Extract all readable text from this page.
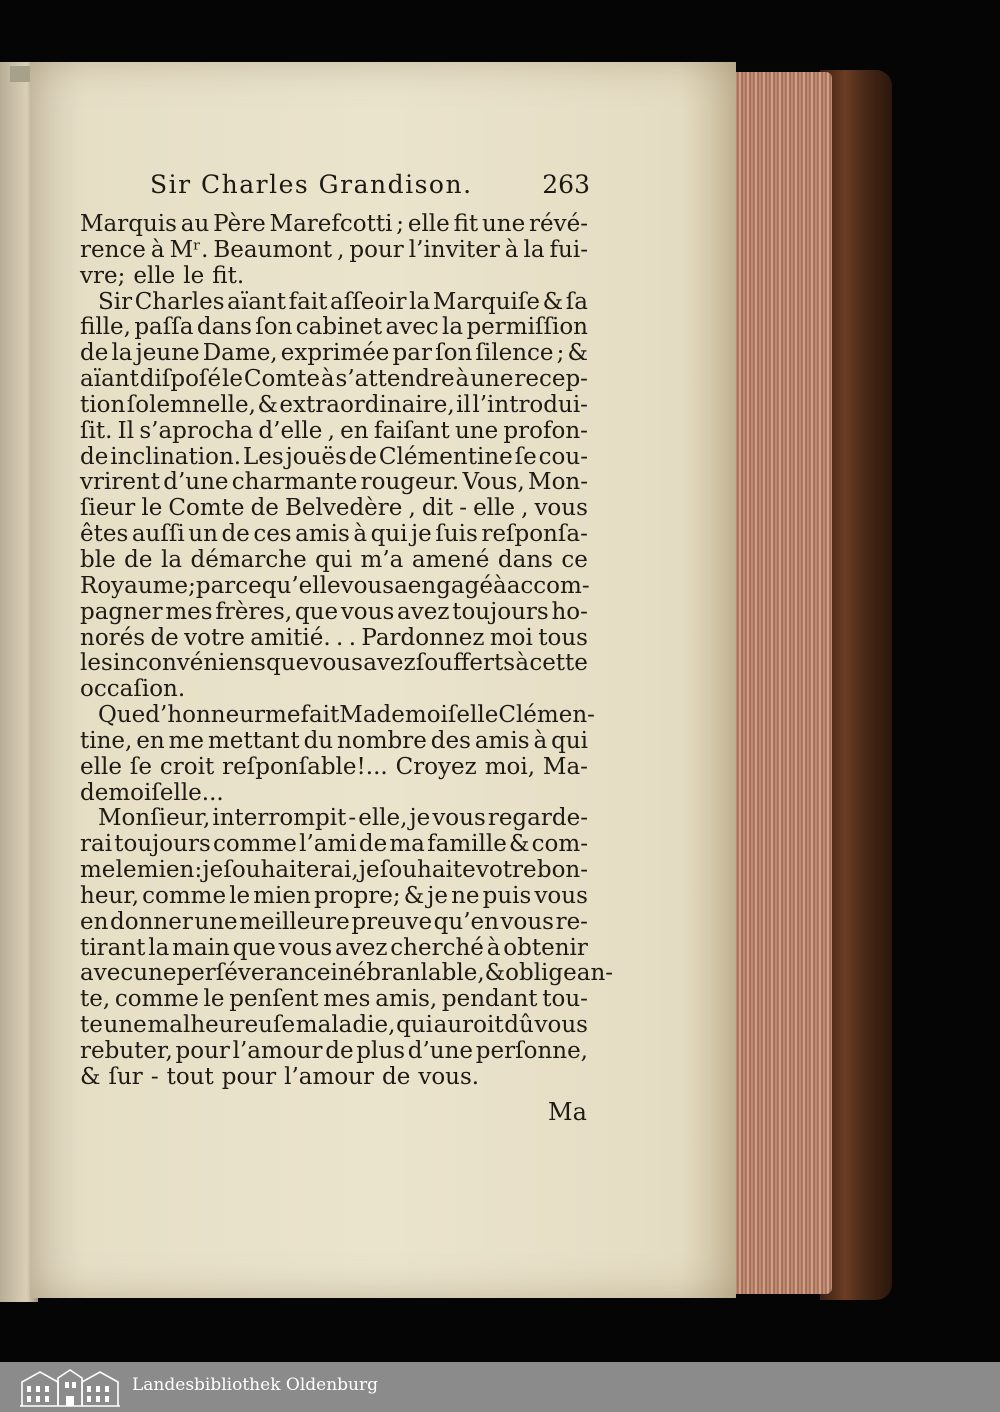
Sir Charles Grandison.	263
Marquis au Père Marefcotti ; elle fit une révé-
rence à Mʳ. Beaumont , pour l’inviter à la fui-
vre; elle le fit.
Sir Charles aïant fait aſſeoir la Marquiſe & ſa
fille, paſſa dans ſon cabinet avec la permiſſion
de la jeune Dame, exprimée par ſon ſilence ; &
aïant diſpoſé le Comte à s’attendre à une recep-
tion ſolemnelle, & extraordinaire, il l’introdui-
ſit. Il s’aprocha d’elle , en faiſant une profon-
de inclination. Les jouës de Clémentine ſe cou-
vrirent d’une charmante rougeur. Vous, Mon-
ſieur le Comte de Belvedère , dit - elle , vous
êtes auſſi un de ces amis à qui je ſuis reſponſa-
ble de la démarche qui m’a amené dans ce
Royaume; parce qu’elle vous a engagé à accom-
pagner mes frères, que vous avez toujours ho-
norés de votre amitié. . . Pardonnez moi tous
les inconvéniens que vous avez ſoufferts à cette
occaſion.
Que d’honneur me fait Mademoiſelle Clémen-
tine, en me mettant du nombre des amis à qui
elle ſe croit reſponſable!... Croyez moi, Ma-
demoiſelle...
Monſieur, interrompit - elle, je vous regarde-
rai toujours comme l’ami de ma famille & com-
me le mien : je ſouhaiterai, je ſouhaite votre bon-
heur, comme le mien propre; & je ne puis vous
en donner une meilleure preuve qu’en vous re-
tirant la main que vous avez cherché à obtenir
avec une perſéverance inébranlable , & obligean-
te, comme le penſent mes amis, pendant tou-
te une malheureuſe maladie, qui auroit dû vous
rebuter, pour l’amour de plus d’une perſonne,
& ſur - tout pour l’amour de vous.
Ma
Landesbibliothek Oldenburg
